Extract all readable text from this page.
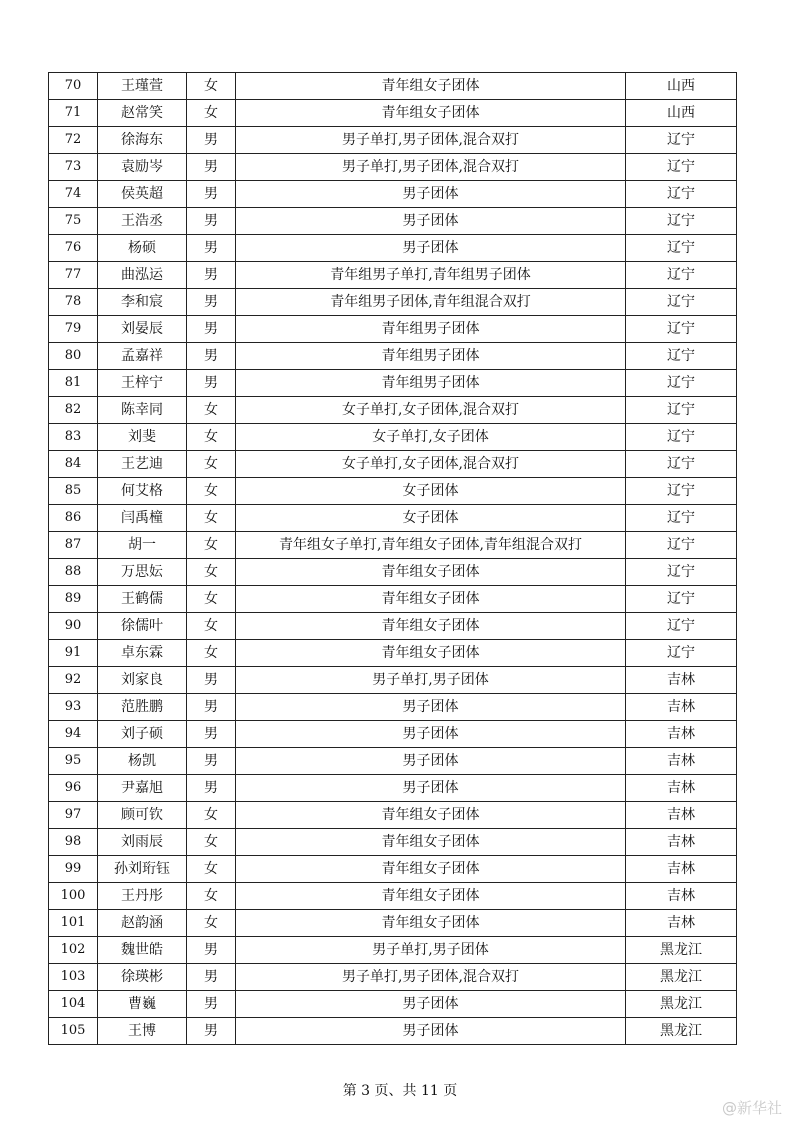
70	王瑾萱	女	青年组女子团体	山西
71	赵常笑	女	青年组女子团体	山西
72	徐海东	男	男子单打,男子团体,混合双打	辽宁
73	袁励岑	男	男子单打,男子团体,混合双打	辽宁
74	侯英超	男	男子团体	辽宁
75	王浩丞	男	男子团体	辽宁
76	杨硕	男	男子团体	辽宁
77	曲泓运	男	青年组男子单打,青年组男子团体	辽宁
78	李和宸	男	青年组男子团体,青年组混合双打	辽宁
79	刘晏辰	男	青年组男子团体	辽宁
80	孟嘉祥	男	青年组男子团体	辽宁
81	王梓宁	男	青年组男子团体	辽宁
82	陈幸同	女	女子单打,女子团体,混合双打	辽宁
83	刘斐	女	女子单打,女子团体	辽宁
84	王艺迪	女	女子单打,女子团体,混合双打	辽宁
85	何艾格	女	女子团体	辽宁
86	闫禹橦	女	女子团体	辽宁
87	胡一	女	青年组女子单打,青年组女子团体,青年组混合双打	辽宁
88	万思妘	女	青年组女子团体	辽宁
89	王鹤儒	女	青年组女子团体	辽宁
90	徐儒叶	女	青年组女子团体	辽宁
91	卓东霖	女	青年组女子团体	辽宁
92	刘家良	男	男子单打,男子团体	吉林
93	范胜鹏	男	男子团体	吉林
94	刘子硕	男	男子团体	吉林
95	杨凯	男	男子团体	吉林
96	尹嘉旭	男	男子团体	吉林
97	顾可钦	女	青年组女子团体	吉林
98	刘雨辰	女	青年组女子团体	吉林
99	孙刘珩钰	女	青年组女子团体	吉林
100	王丹彤	女	青年组女子团体	吉林
101	赵韵涵	女	青年组女子团体	吉林
102	魏世皓	男	男子单打,男子团体	黑龙江
103	徐瑛彬	男	男子单打,男子团体,混合双打	黑龙江
104	曹巍	男	男子团体	黑龙江
105	王博	男	男子团体	黑龙江
第 3 页、共 11 页
@新华社
